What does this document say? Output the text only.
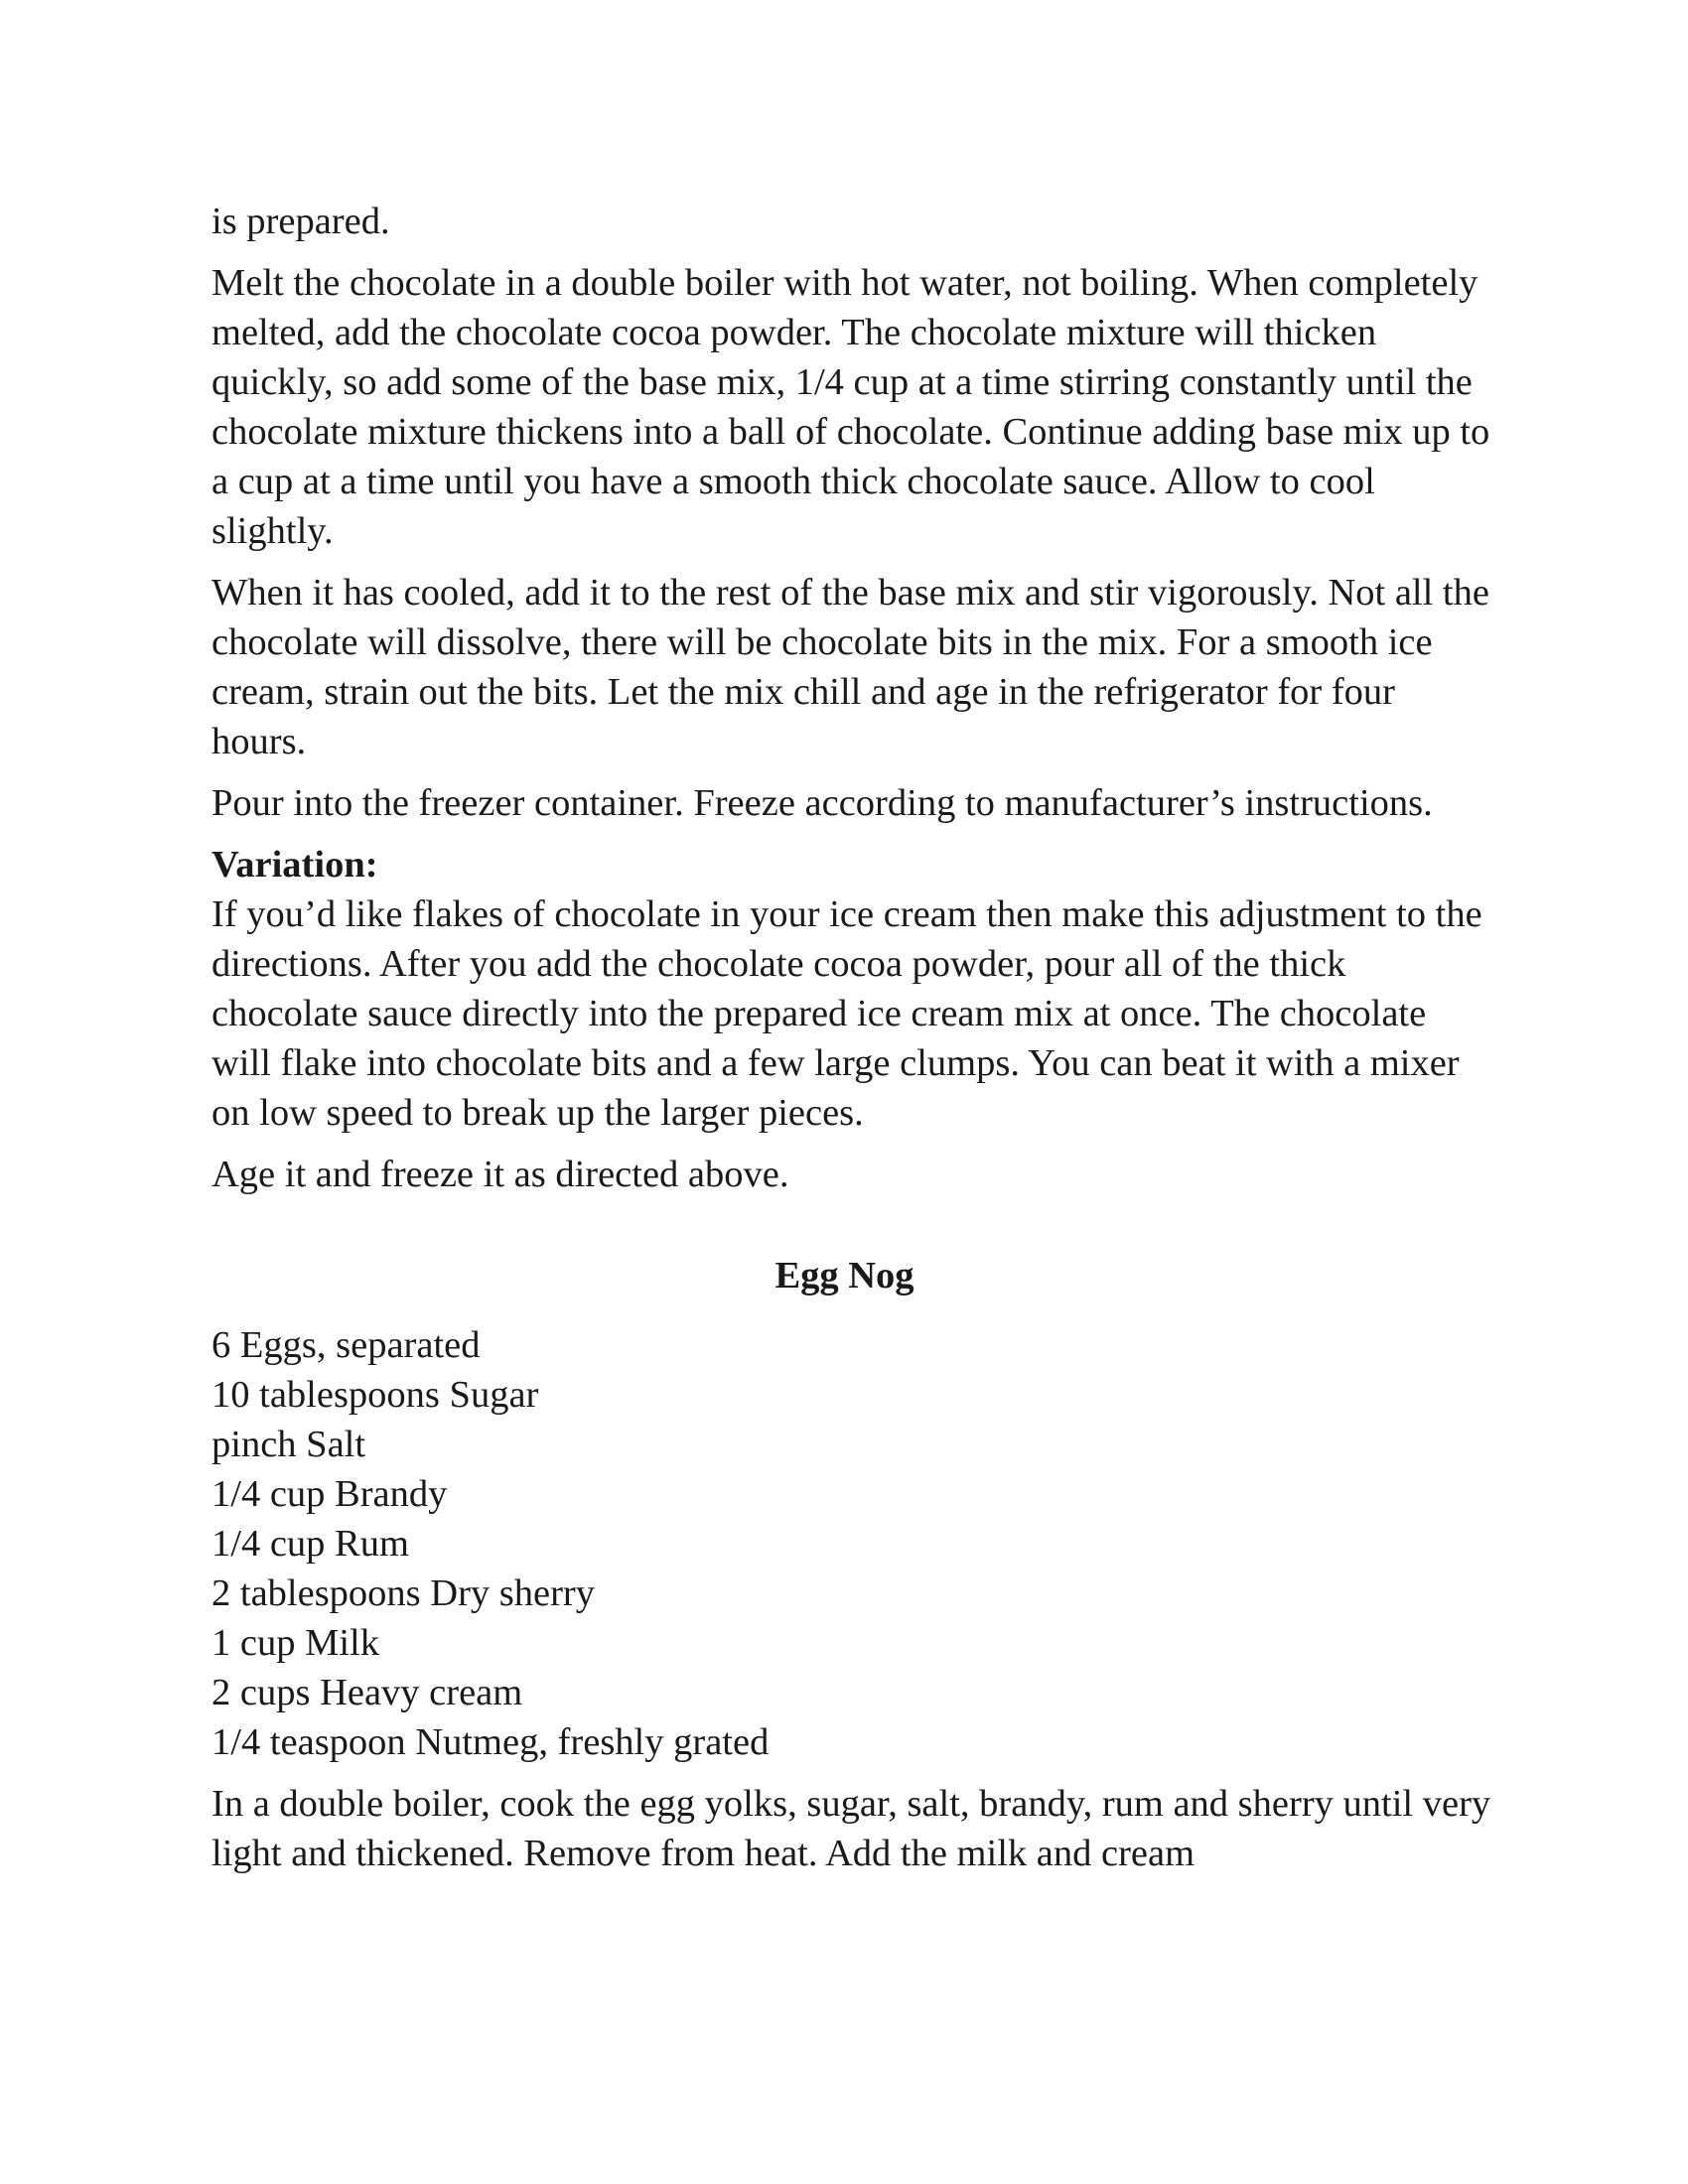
is prepared.

Melt the chocolate in a double boiler with hot water, not boiling. When completely melted, add the chocolate cocoa powder. The chocolate mixture will thicken quickly, so add some of the base mix, 1/4 cup at a time stirring constantly until the chocolate mixture thickens into a ball of chocolate. Continue adding base mix up to a cup at a time until you have a smooth thick chocolate sauce. Allow to cool slightly.

When it has cooled, add it to the rest of the base mix and stir vigorously. Not all the chocolate will dissolve, there will be chocolate bits in the mix. For a smooth ice cream, strain out the bits. Let the mix chill and age in the refrigerator for four hours.

Pour into the freezer container. Freeze according to manufacturer’s instructions.

Variation:

If you’d like flakes of chocolate in your ice cream then make this adjustment to the directions. After you add the chocolate cocoa powder, pour all of the thick chocolate sauce directly into the prepared ice cream mix at once. The chocolate will flake into chocolate bits and a few large clumps. You can beat it with a mixer on low speed to break up the larger pieces.

Age it and freeze it as directed above.

Egg Nog
6 Eggs, separated
10 tablespoons Sugar
pinch Salt
1/4 cup Brandy
1/4 cup Rum
2 tablespoons Dry sherry
1 cup Milk
2 cups Heavy cream
1/4 teaspoon Nutmeg, freshly grated

In a double boiler, cook the egg yolks, sugar, salt, brandy, rum and sherry until very light and thickened. Remove from heat. Add the milk and cream
